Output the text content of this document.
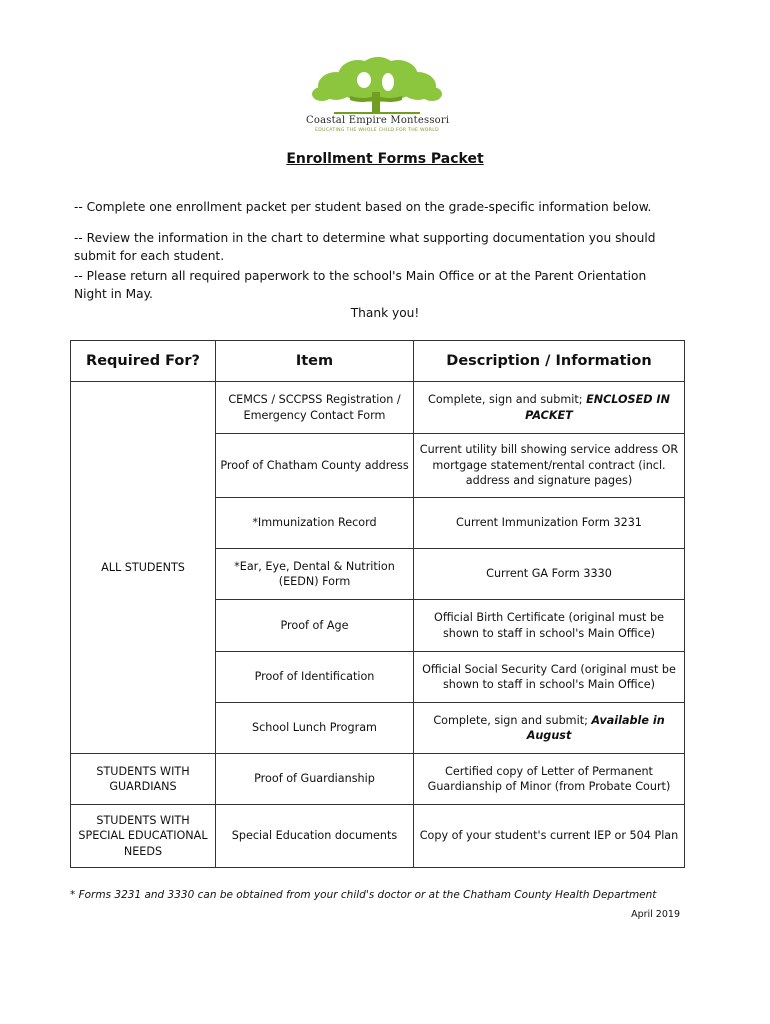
Coastal Empire Montessori
EDUCATING THE WHOLE CHILD FOR THE WORLD
Enrollment Forms Packet
-- Complete one enrollment packet per student based on the grade-specific information below.
-- Review the information in the chart to determine what supporting documentation you should submit for each student.
-- Please return all required paperwork to the school's Main Office or at the Parent Orientation Night in May.
Thank you!
Required For?	Item	Description / Information
ALL STUDENTS	CEMCS / SCCPSS Registration / Emergency Contact Form	Complete, sign and submit; ENCLOSED IN PACKET
	Proof of Chatham County address	Current utility bill showing service address OR mortgage statement/rental contract (incl. address and signature pages)
	*Immunization Record	Current Immunization Form 3231
	*Ear, Eye, Dental & Nutrition (EEDN) Form	Current GA Form 3330
	Proof of Age	Official Birth Certificate (original must be shown to staff in school's Main Office)
	Proof of Identification	Official Social Security Card (original must be shown to staff in school's Main Office)
	School Lunch Program	Complete, sign and submit; Available in August
STUDENTS WITH GUARDIANS	Proof of Guardianship	Certified copy of Letter of Permanent Guardianship of Minor (from Probate Court)
STUDENTS WITH SPECIAL EDUCATIONAL NEEDS	Special Education documents	Copy of your student's current IEP or 504 Plan
* Forms 3231 and 3330 can be obtained from your child's doctor or at the Chatham County Health Department
April 2019
